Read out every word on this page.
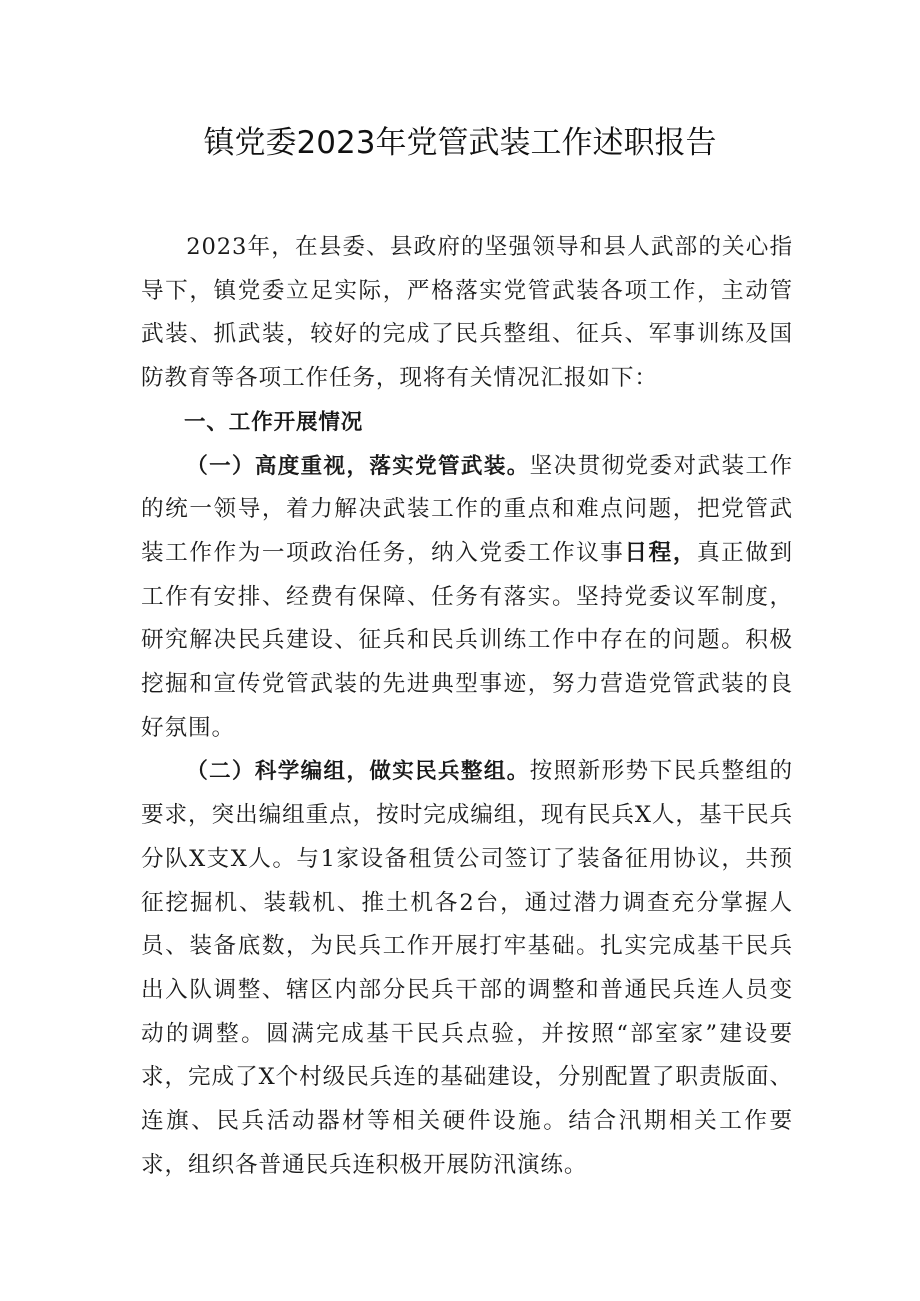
镇党委2023年党管武装工作述职报告

2023年，在县委、县政府的坚强领导和县人武部的关心指导下，镇党委立足实际，严格落实党管武装各项工作，主动管武装、抓武装，较好的完成了民兵整组、征兵、军事训练及国防教育等各项工作任务，现将有关情况汇报如下：

一、工作开展情况

（一）高度重视，落实党管武装。坚决贯彻党委对武装工作的统一领导，着力解决武装工作的重点和难点问题，把党管武装工作作为一项政治任务，纳入党委工作议事日程，真正做到工作有安排、经费有保障、任务有落实。坚持党委议军制度，研究解决民兵建设、征兵和民兵训练工作中存在的问题。积极挖掘和宣传党管武装的先进典型事迹，努力营造党管武装的良好氛围。

（二）科学编组，做实民兵整组。按照新形势下民兵整组的要求，突出编组重点，按时完成编组，现有民兵X人，基干民兵分队X支X人。与1家设备租赁公司签订了装备征用协议，共预征挖掘机、装载机、推土机各2台，通过潜力调查充分掌握人员、装备底数，为民兵工作开展打牢基础。扎实完成基干民兵出入队调整、辖区内部分民兵干部的调整和普通民兵连人员变动的调整。圆满完成基干民兵点验，并按照“部室家”建设要求，完成了X个村级民兵连的基础建设，分别配置了职责版面、连旗、民兵活动器材等相关硬件设施。结合汛期相关工作要求，组织各普通民兵连积极开展防汛演练。
